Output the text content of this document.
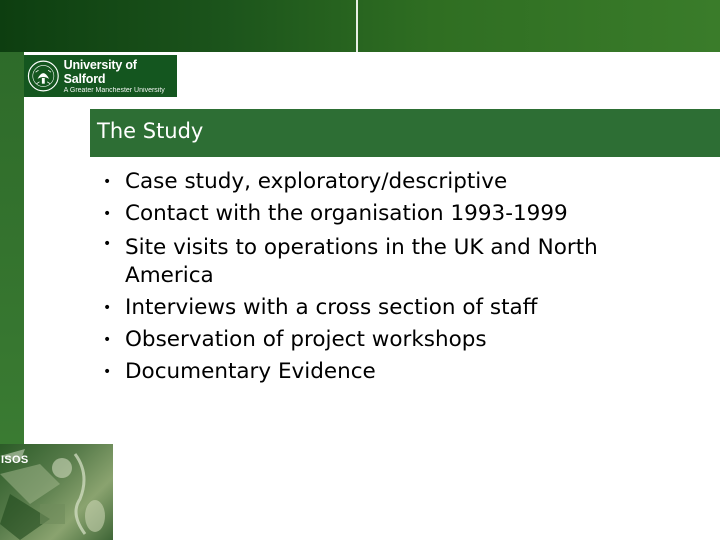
University of Salford
A Greater Manchester University
The Study
• Case study, exploratory/descriptive
• Contact with the organisation 1993-1999
• Site visits to operations in the UK and North America
• Interviews with a cross section of staff
• Observation of project workshops
• Documentary Evidence
ISOS
